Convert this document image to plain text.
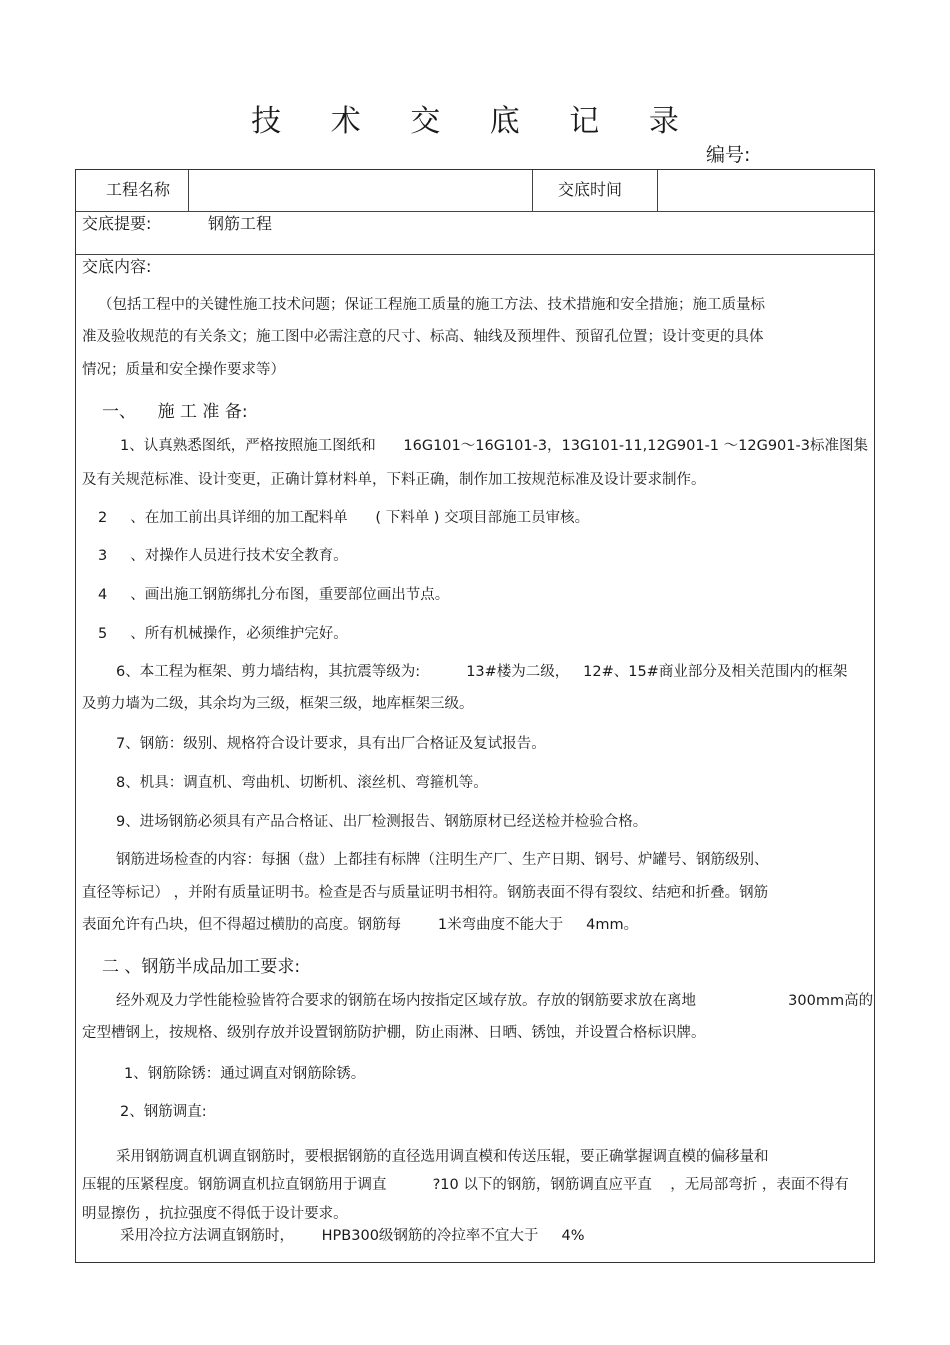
技 术 交 底 记 录
编号:
工程名称	交底时间
交底提要:	钢筋工程
交底内容:
（包括工程中的关键性施工技术问题；保证工程施工质量的施工方法、技术措施和安全措施；施工质量标
准及验收规范的有关条文；施工图中必需注意的尺寸、标高、轴线及预埋件、预留孔位置；设计变更的具体
情况；质量和安全操作要求等）
一、    施 工 准 备:
1、认真熟悉图纸，严格按照施工图纸和      16G101～16G101-3，13G101-11,12G901-1 ～12G901-3标准图集
及有关规范标准、设计变更，正确计算材料单，下料正确，制作加工按规范标准及设计要求制作。
2     、在加工前出具详细的加工配料单      ( 下料单 ) 交项目部施工员审核。
3     、对操作人员进行技术安全教育。
4     、画出施工钢筋绑扎分布图，重要部位画出节点。
5     、所有机械操作，必须维护完好。
6、本工程为框架、剪力墙结构，其抗震等级为:          13#楼为二级，   12#、15#商业部分及相关范围内的框架
及剪力墙为二级，其余均为三级，框架三级，地库框架三级。
7、钢筋：级别、规格符合设计要求，具有出厂合格证及复试报告。
8、机具：调直机、弯曲机、切断机、滚丝机、弯箍机等。
9、进场钢筋必须具有产品合格证、出厂检测报告、钢筋原材已经送检并检验合格。
钢筋进场检查的内容：每捆（盘）上都挂有标牌（注明生产厂、生产日期、钢号、炉罐号、钢筋级别、
直径等标记） ，并附有质量证明书。检查是否与质量证明书相符。钢筋表面不得有裂纹、结疤和折叠。钢筋
表面允许有凸块，但不得超过横肋的高度。钢筋每        1米弯曲度不能大于     4mm。
二 、钢筋半成品加工要求:
经外观及力学性能检验皆符合要求的钢筋在场内按指定区域存放。存放的钢筋要求放在离地                    300mm高的
定型槽钢上，按规格、级别存放并设置钢筋防护棚，防止雨淋、日晒、锈蚀，并设置合格标识牌。
1、钢筋除锈：通过调直对钢筋除锈。
2、钢筋调直:
采用钢筋调直机调直钢筋时，要根据钢筋的直径选用调直模和传送压辊，要正确掌握调直模的偏移量和
压辊的压紧程度。钢筋调直机拉直钢筋用于调直          ?10 以下的钢筋，钢筋调直应平直    ，无局部弯折 ，表面不得有
明显擦伤 ，抗拉强度不得低于设计要求。
采用冷拉方法调直钢筋时，      HPB300级钢筋的冷拉率不宜大于     4%
